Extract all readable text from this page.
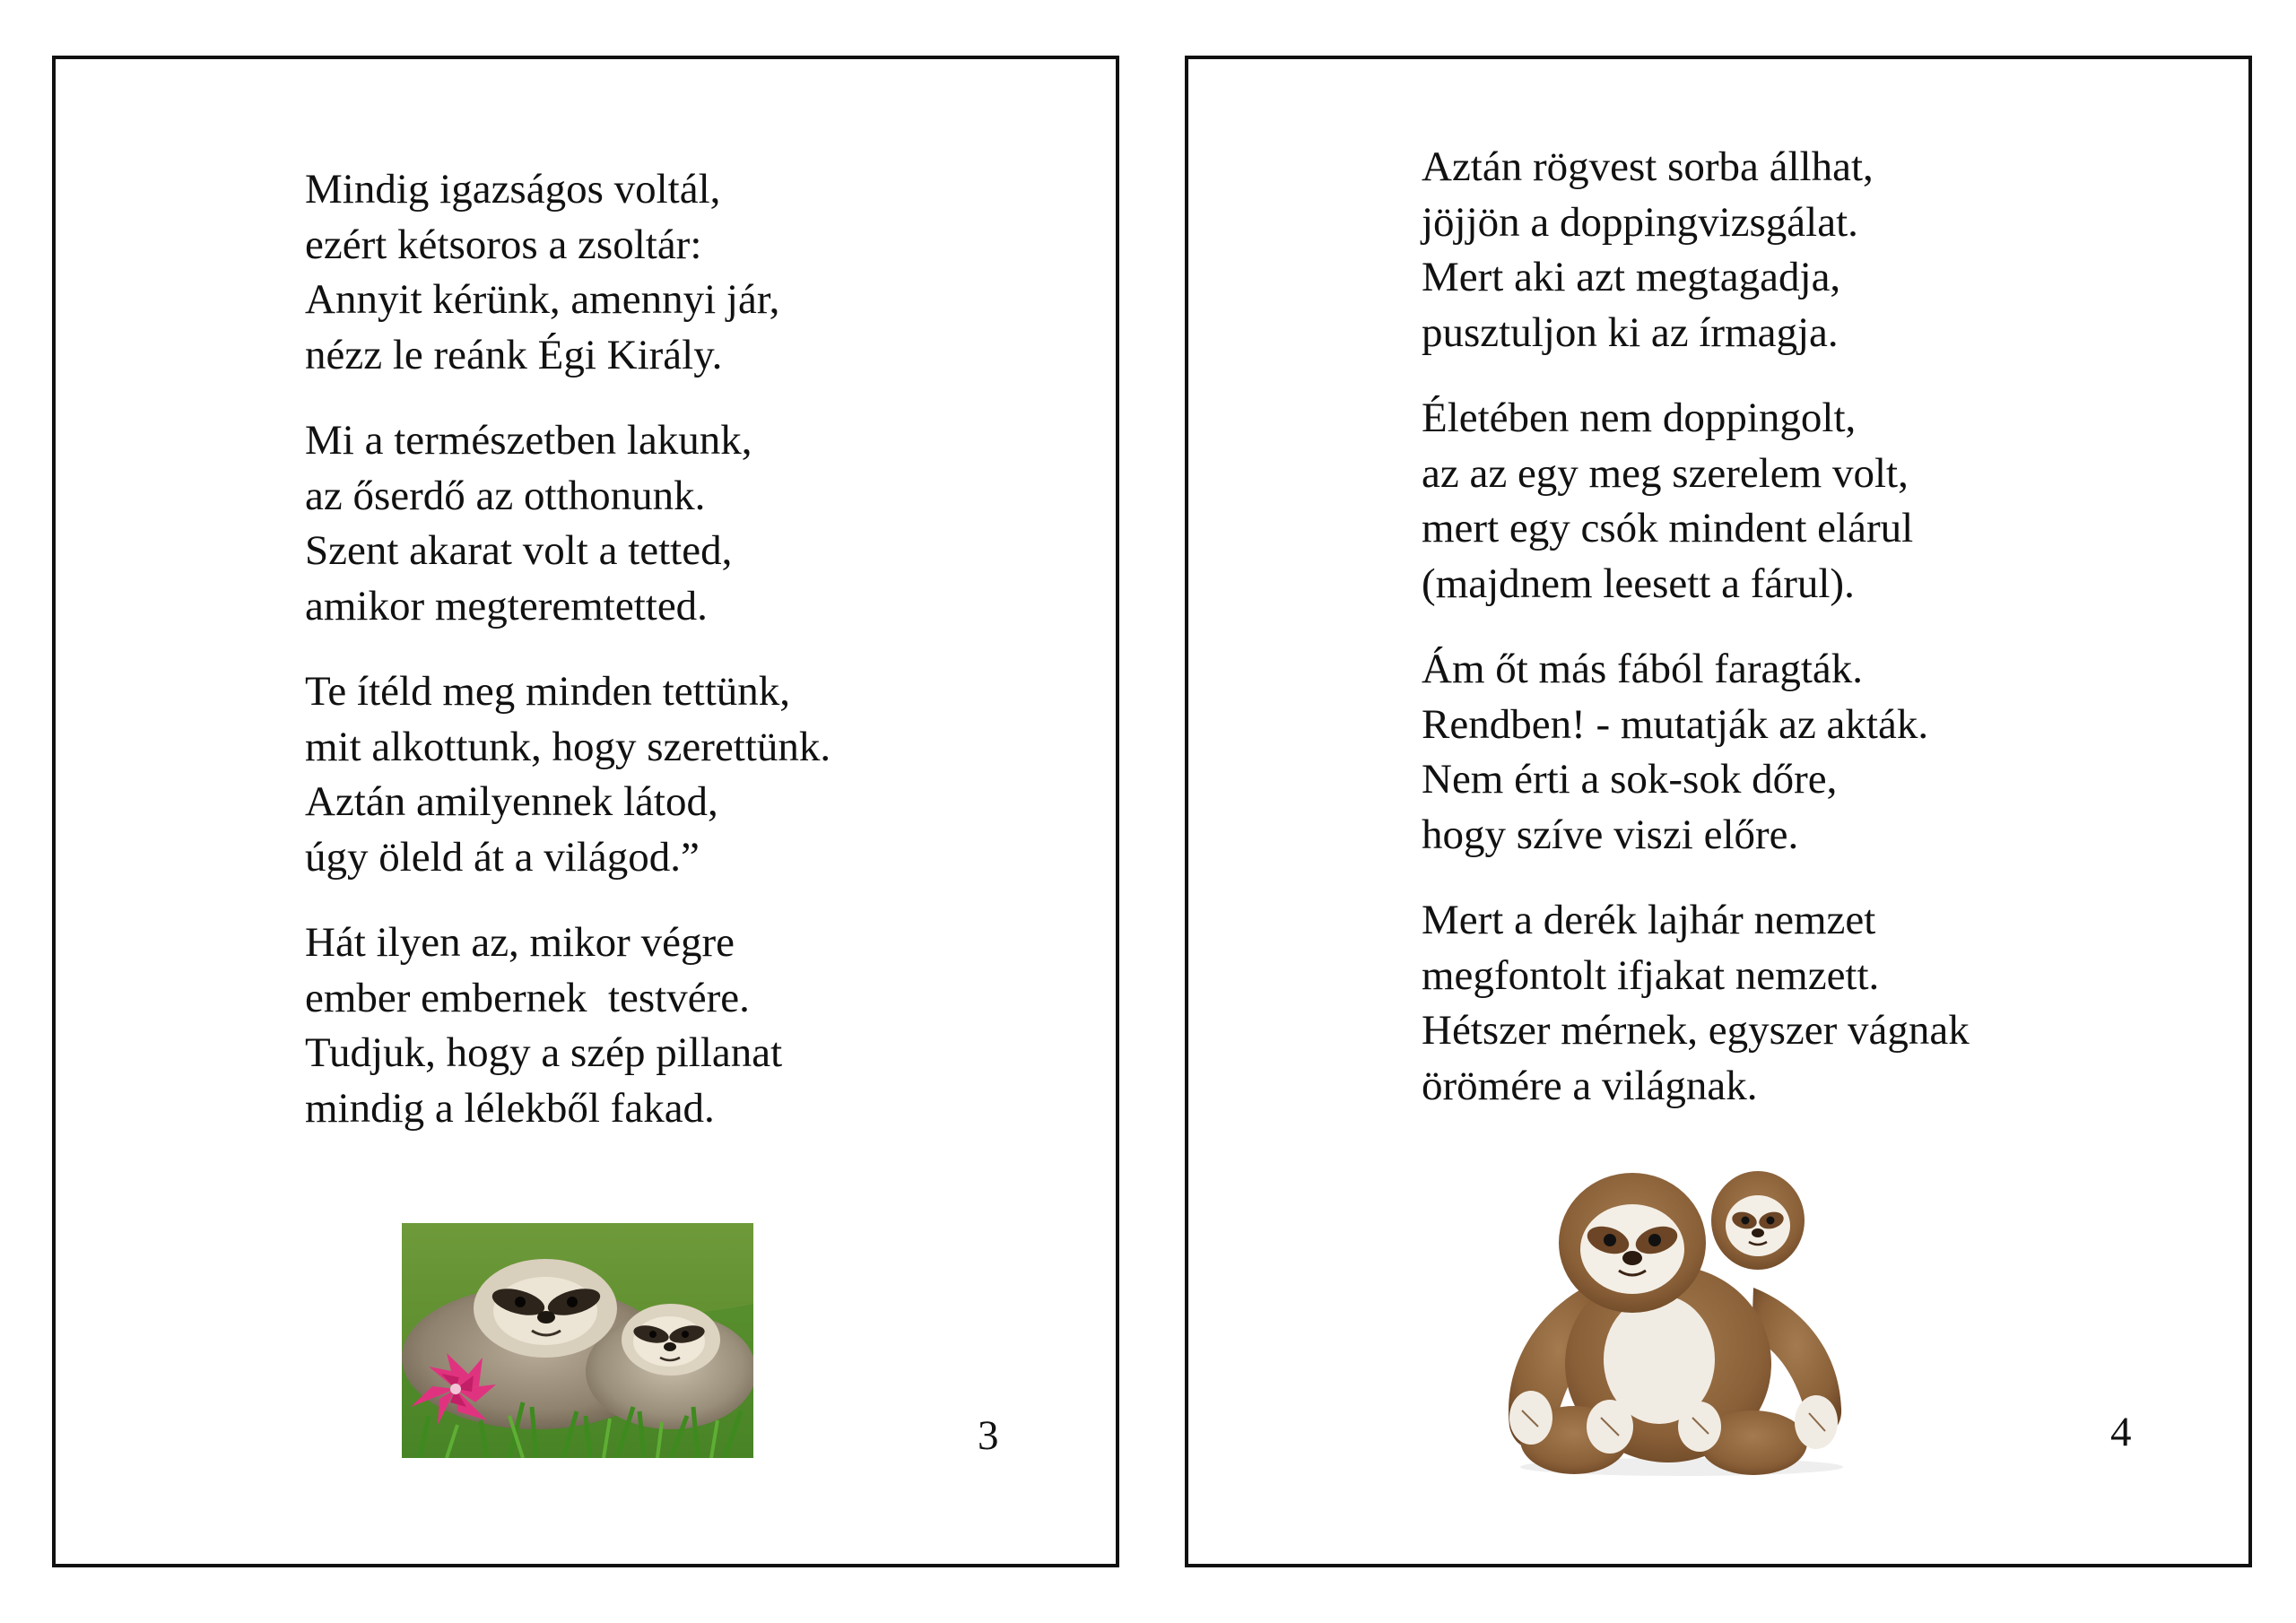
Mindig igazságos voltál,
ezért kétsoros a zsoltár:
Annyit kérünk, amennyi jár,
nézz le reánk Égi Király.
Mi a természetben lakunk,
az őserdő az otthonunk.
Szent akarat volt a tetted,
amikor megteremtetted.
Te ítéld meg minden tettünk,
mit alkottunk, hogy szerettünk.
Aztán amilyennek látod,
úgy öleld át a világod.”
Hát ilyen az, mikor végre
ember embernek  testvére.
Tudjuk, hogy a szép pillanat
mindig a lélekből fakad.
3
Aztán rögvest sorba állhat,
jöjjön a doppingvizsgálat.
Mert aki azt megtagadja,
pusztuljon ki az írmagja.
Életében nem doppingolt,
az az egy meg szerelem volt,
mert egy csók mindent elárul
(majdnem leesett a fárul).
Ám őt más fából faragták.
Rendben! - mutatják az akták.
Nem érti a sok-sok dőre,
hogy szíve viszi előre.
Mert a derék lajhár nemzet
megfontolt ifjakat nemzett.
Hétszer mérnek, egyszer vágnak
örömére a világnak.
4
